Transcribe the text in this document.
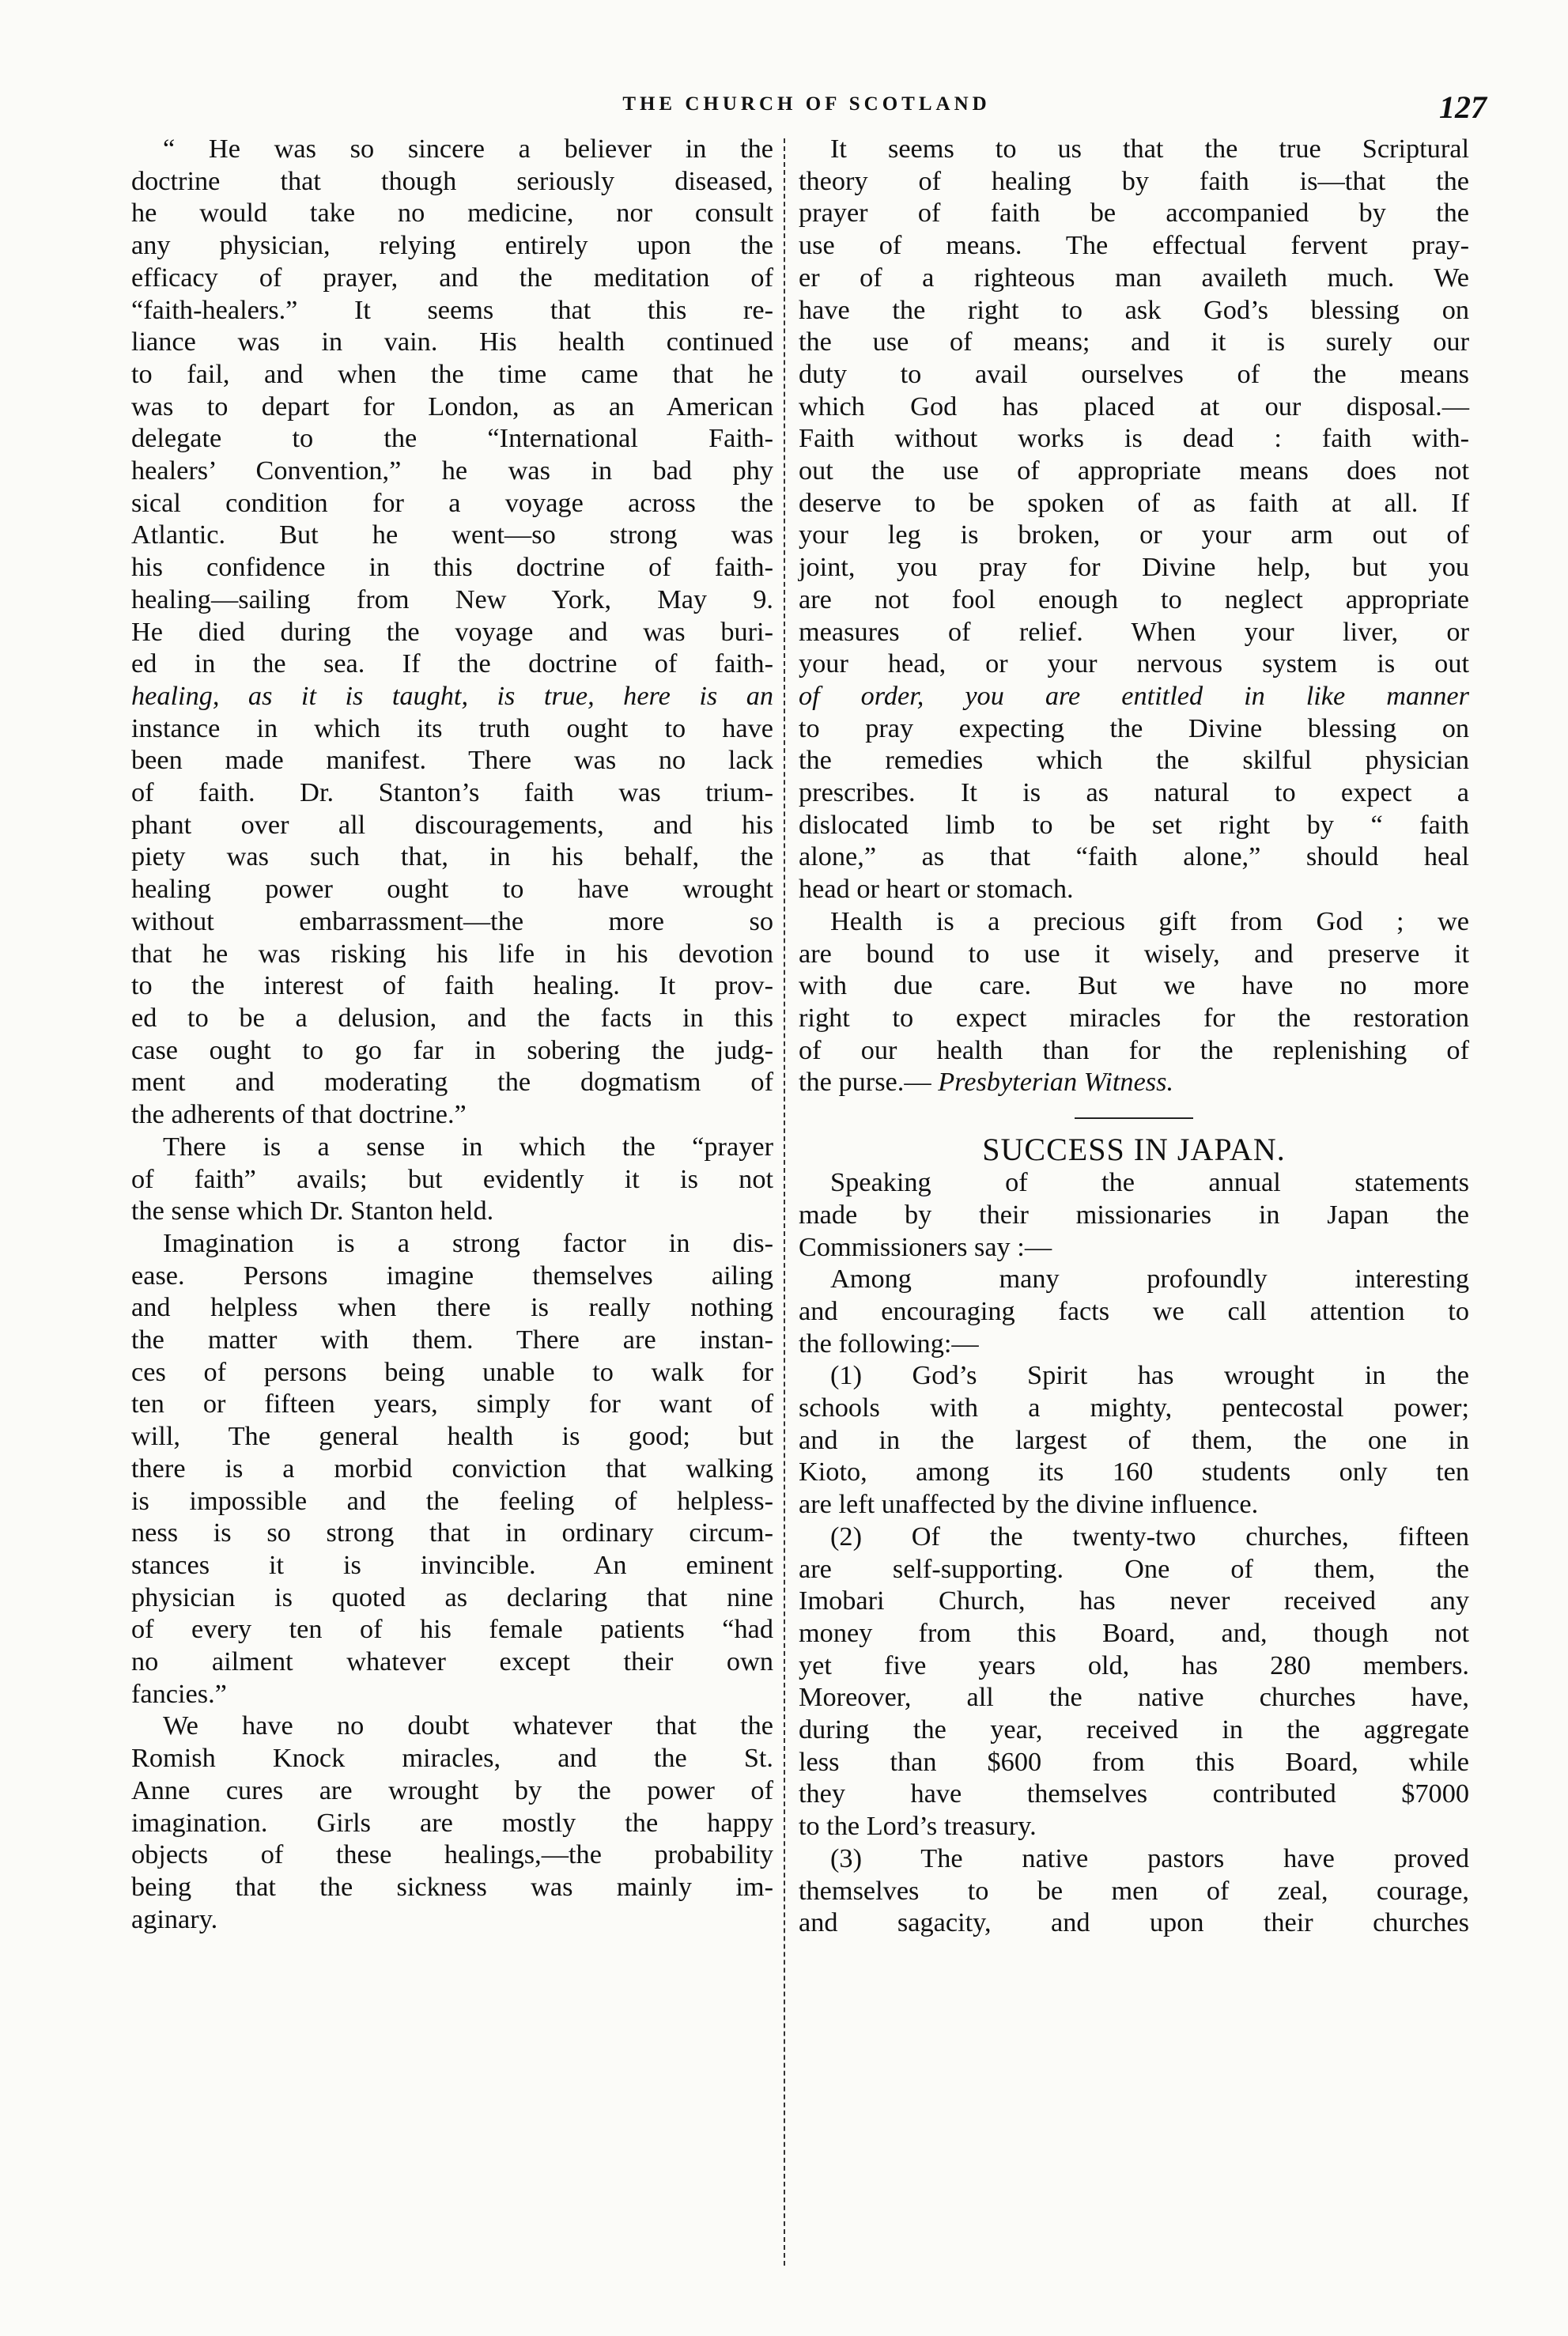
THE CHURCH OF SCOTLAND	127
“ He was so sincere a believer in the
doctrine that though seriously diseased,
he would take no medicine, nor consult
any physician, relying entirely upon the
efficacy of prayer, and the meditation of
“faith-healers.” It seems that this re-
liance was in vain. His health continued
to fail, and when the time came that he
was to depart for London, as an American
delegate to the “International Faith-
healers’ Convention,” he was in bad phy
sical condition for a voyage across the
Atlantic. But he went—so strong was
his confidence in this doctrine of faith-
healing—sailing from New York, May 9.
He died during the voyage and was buri-
ed in the sea. If the doctrine of faith-
healing, as it is taught, is true, here is an
instance in which its truth ought to have
been made manifest. There was no lack
of faith. Dr. Stanton’s faith was trium-
phant over all discouragements, and his
piety was such that, in his behalf, the
healing power ought to have wrought
without embarrassment—the more so
that he was risking his life in his devotion
to the interest of faith healing. It prov-
ed to be a delusion, and the facts in this
case ought to go far in sobering the judg-
ment and moderating the dogmatism of
the adherents of that doctrine.”
There is a sense in which the “prayer
of faith” avails; but evidently it is not
the sense which Dr. Stanton held.
Imagination is a strong factor in dis-
ease. Persons imagine themselves ailing
and helpless when there is really nothing
the matter with them. There are instan-
ces of persons being unable to walk for
ten or fifteen years, simply for want of
will, The general health is good; but
there is a morbid conviction that walking
is impossible and the feeling of helpless-
ness is so strong that in ordinary circum-
stances it is invincible. An eminent
physician is quoted as declaring that nine
of every ten of his female patients “had
no ailment whatever except their own
fancies.”
We have no doubt whatever that the
Romish Knock miracles, and the St.
Anne cures are wrought by the power of
imagination. Girls are mostly the happy
objects of these healings,—the probability
being that the sickness was mainly im-
aginary.
It seems to us that the true Scriptural
theory of healing by faith is—that the
prayer of faith be accompanied by the
use of means. The effectual fervent pray-
er of a righteous man availeth much. We
have the right to ask God’s blessing on
the use of means; and it is surely our
duty to avail ourselves of the means
which God has placed at our disposal.—
Faith without works is dead : faith with-
out the use of appropriate means does not
deserve to be spoken of as faith at all. If
your leg is broken, or your arm out of
joint, you pray for Divine help, but you
are not fool enough to neglect appropriate
measures of relief. When your liver, or
your head, or your nervous system is out
of order, you are entitled in like manner
to pray expecting the Divine blessing on
the remedies which the skilful physician
prescribes. It is as natural to expect a
dislocated limb to be set right by “ faith
alone,” as that “faith alone,” should heal
head or heart or stomach.
Health is a precious gift from God ; we
are bound to use it wisely, and preserve it
with due care. But we have no more
right to expect miracles for the restoration
of our health than for the replenishing of
the purse.— Presbyterian Witness.
SUCCESS IN JAPAN.
Speaking of the annual statements
made by their missionaries in Japan the
Commissioners say :—
Among many profoundly interesting
and encouraging facts we call attention to
the following:—
(1) God’s Spirit has wrought in the
schools with a mighty, pentecostal power;
and in the largest of them, the one in
Kioto, among its 160 students only ten
are left unaffected by the divine influence.
(2) Of the twenty-two churches, fifteen
are self-supporting. One of them, the
Imobari Church, has never received any
money from this Board, and, though not
yet five years old, has 280 members.
Moreover, all the native churches have,
during the year, received in the aggregate
less than $600 from this Board, while
they have themselves contributed $7000
to the Lord’s treasury.
(3) The native pastors have proved
themselves to be men of zeal, courage,
and sagacity, and upon their churches
